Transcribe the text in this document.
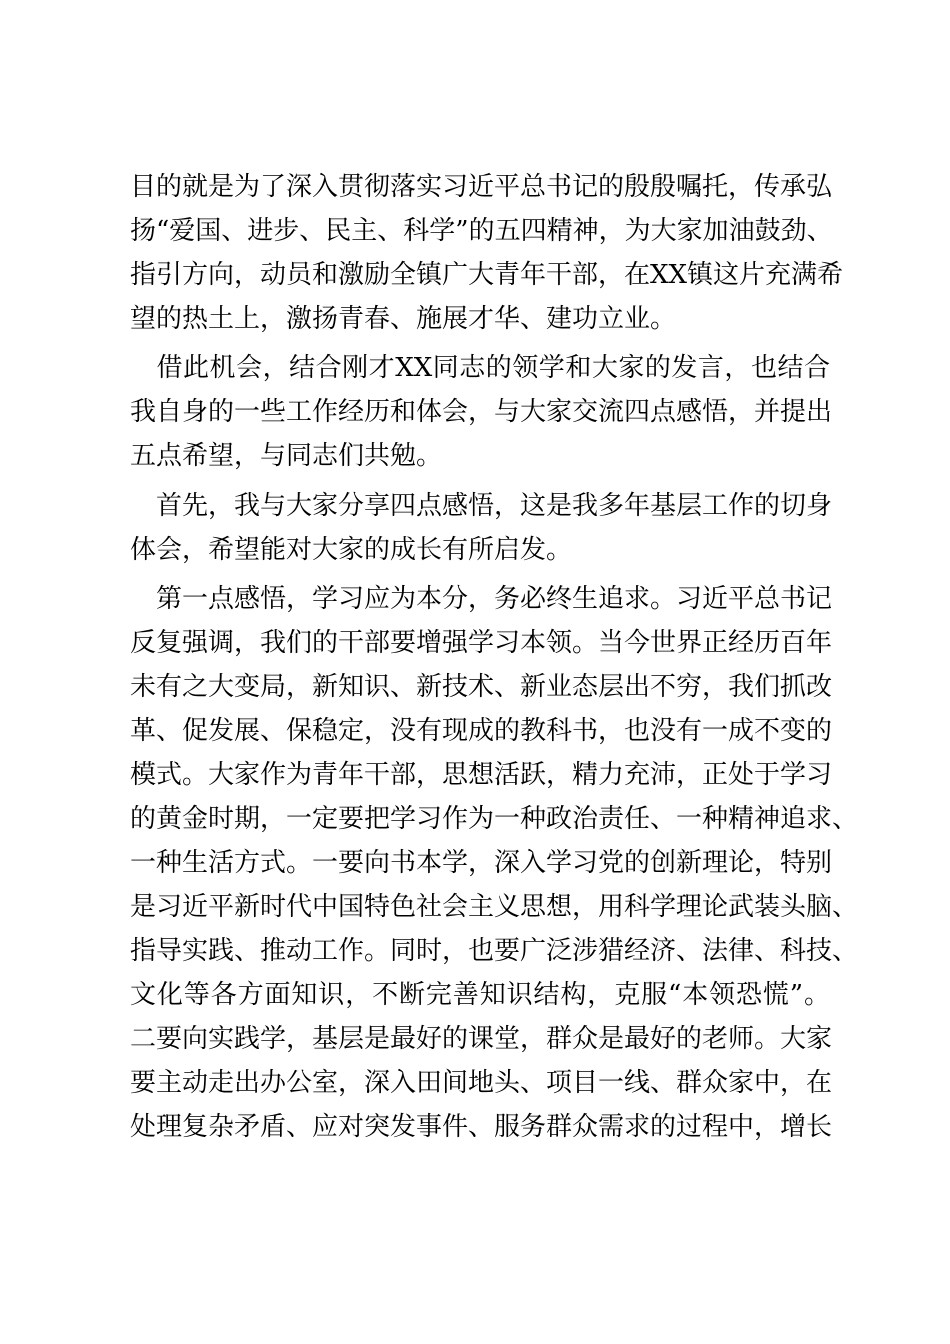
目的就是为了深入贯彻落实习近平总书记的殷殷嘱托，传承弘
扬“爱国、进步、民主、科学”的五四精神，为大家加油鼓劲、
指引方向，动员和激励全镇广大青年干部，在XX镇这片充满希
望的热土上，激扬青春、施展才华、建功立业。
　借此机会，结合刚才XX同志的领学和大家的发言，也结合
我自身的一些工作经历和体会，与大家交流四点感悟，并提出
五点希望，与同志们共勉。
　首先，我与大家分享四点感悟，这是我多年基层工作的切身
体会，希望能对大家的成长有所启发。
　第一点感悟，学习应为本分，务必终生追求。习近平总书记
反复强调，我们的干部要增强学习本领。当今世界正经历百年
未有之大变局，新知识、新技术、新业态层出不穷，我们抓改
革、促发展、保稳定，没有现成的教科书，也没有一成不变的
模式。大家作为青年干部，思想活跃，精力充沛，正处于学习
的黄金时期，一定要把学习作为一种政治责任、一种精神追求、
一种生活方式。一要向书本学，深入学习党的创新理论，特别
是习近平新时代中国特色社会主义思想，用科学理论武装头脑、
指导实践、推动工作。同时，也要广泛涉猎经济、法律、科技、
文化等各方面知识，不断完善知识结构，克服“本领恐慌”。
二要向实践学，基层是最好的课堂，群众是最好的老师。大家
要主动走出办公室，深入田间地头、项目一线、群众家中，在
处理复杂矛盾、应对突发事件、服务群众需求的过程中，增长
